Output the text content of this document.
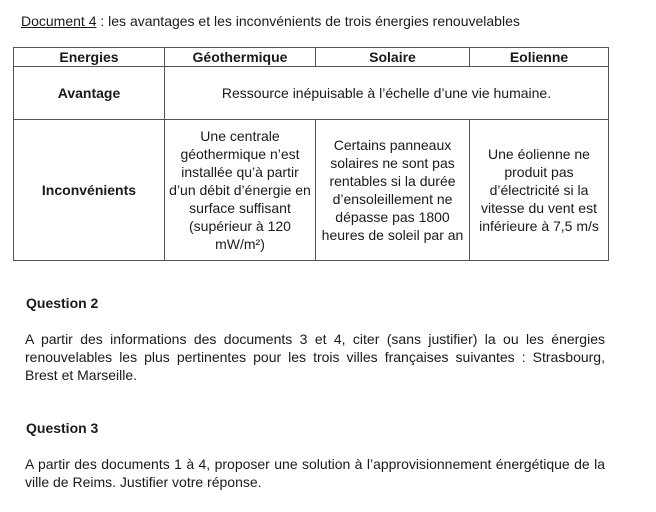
Document 4 : les avantages et les inconvénients de trois énergies renouvelables
Energies	Géothermique	Solaire	Eolienne
Avantage	Ressource inépuisable à l’échelle d’une vie humaine.		
Inconvénients	Une centrale géothermique n’est installée qu’à partir d’un débit d’énergie en surface suffisant (supérieur à 120 mW/m²)	Certains panneaux solaires ne sont pas rentables si la durée d’ensoleillement ne dépasse pas 1800 heures de soleil par an	Une éolienne ne produit pas d’électricité si la vitesse du vent est inférieure à 7,5 m/s
Question 2

A partir des informations des documents 3 et 4, citer (sans justifier) la ou les énergies renouvelables les plus pertinentes pour les trois villes françaises suivantes : Strasbourg, Brest et Marseille.

Question 3

A partir des documents 1 à 4, proposer une solution à l’approvisionnement énergétique de la ville de Reims. Justifier votre réponse.
